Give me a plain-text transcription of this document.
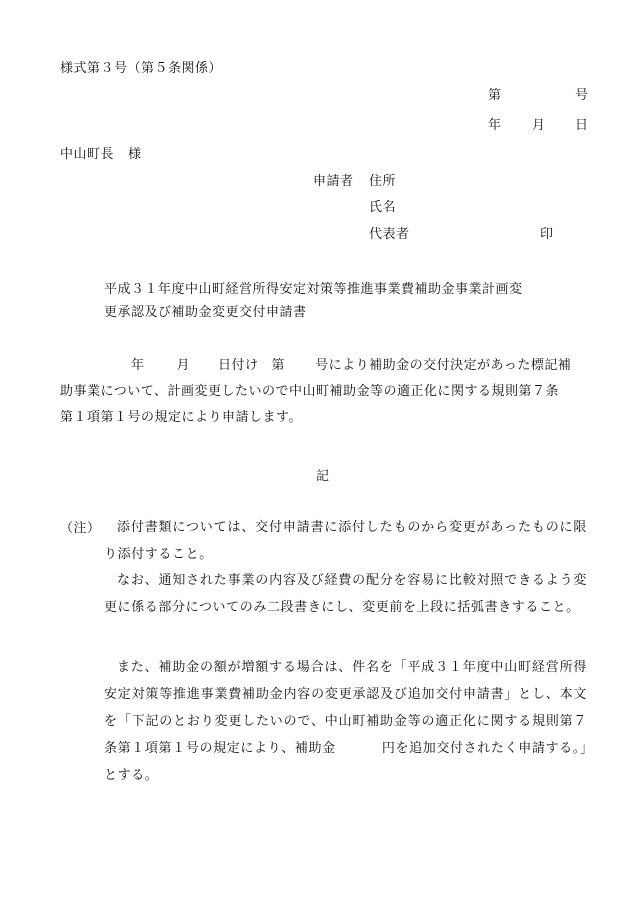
様式第３号（第５条関係）
第	号
年 月 日
中山町長 様
申請者 住所
氏名
代表者	印
平成３１年度中山町経営所得安定対策等推進事業費補助金事業計画変
更承認及び補助金変更交付申請書
年 月 日付け 第 号により補助金の交付決定があった標記補
助事業について、計画変更したいので中山町補助金等の適正化に関する規則第７条
第１項第１号の規定により申請します。
記
（注）	添付書類については、交付申請書に添付したものから変更があったものに限り添付すること。
なお、通知された事業の内容及び経費の配分を容易に比較対照できるよう変更に係る部分についてのみ二段書きにし、変更前を上段に括弧書きすること。
また、補助金の額が増額する場合は、件名を「平成３１年度中山町経営所得安定対策等推進事業費補助金内容の変更承認及び追加交付申請書」とし、本文を「下記のとおり変更したいので、中山町補助金等の適正化に関する規則第７条第１項第１号の規定により、補助金	円を追加交付されたく申請する。」とする。
